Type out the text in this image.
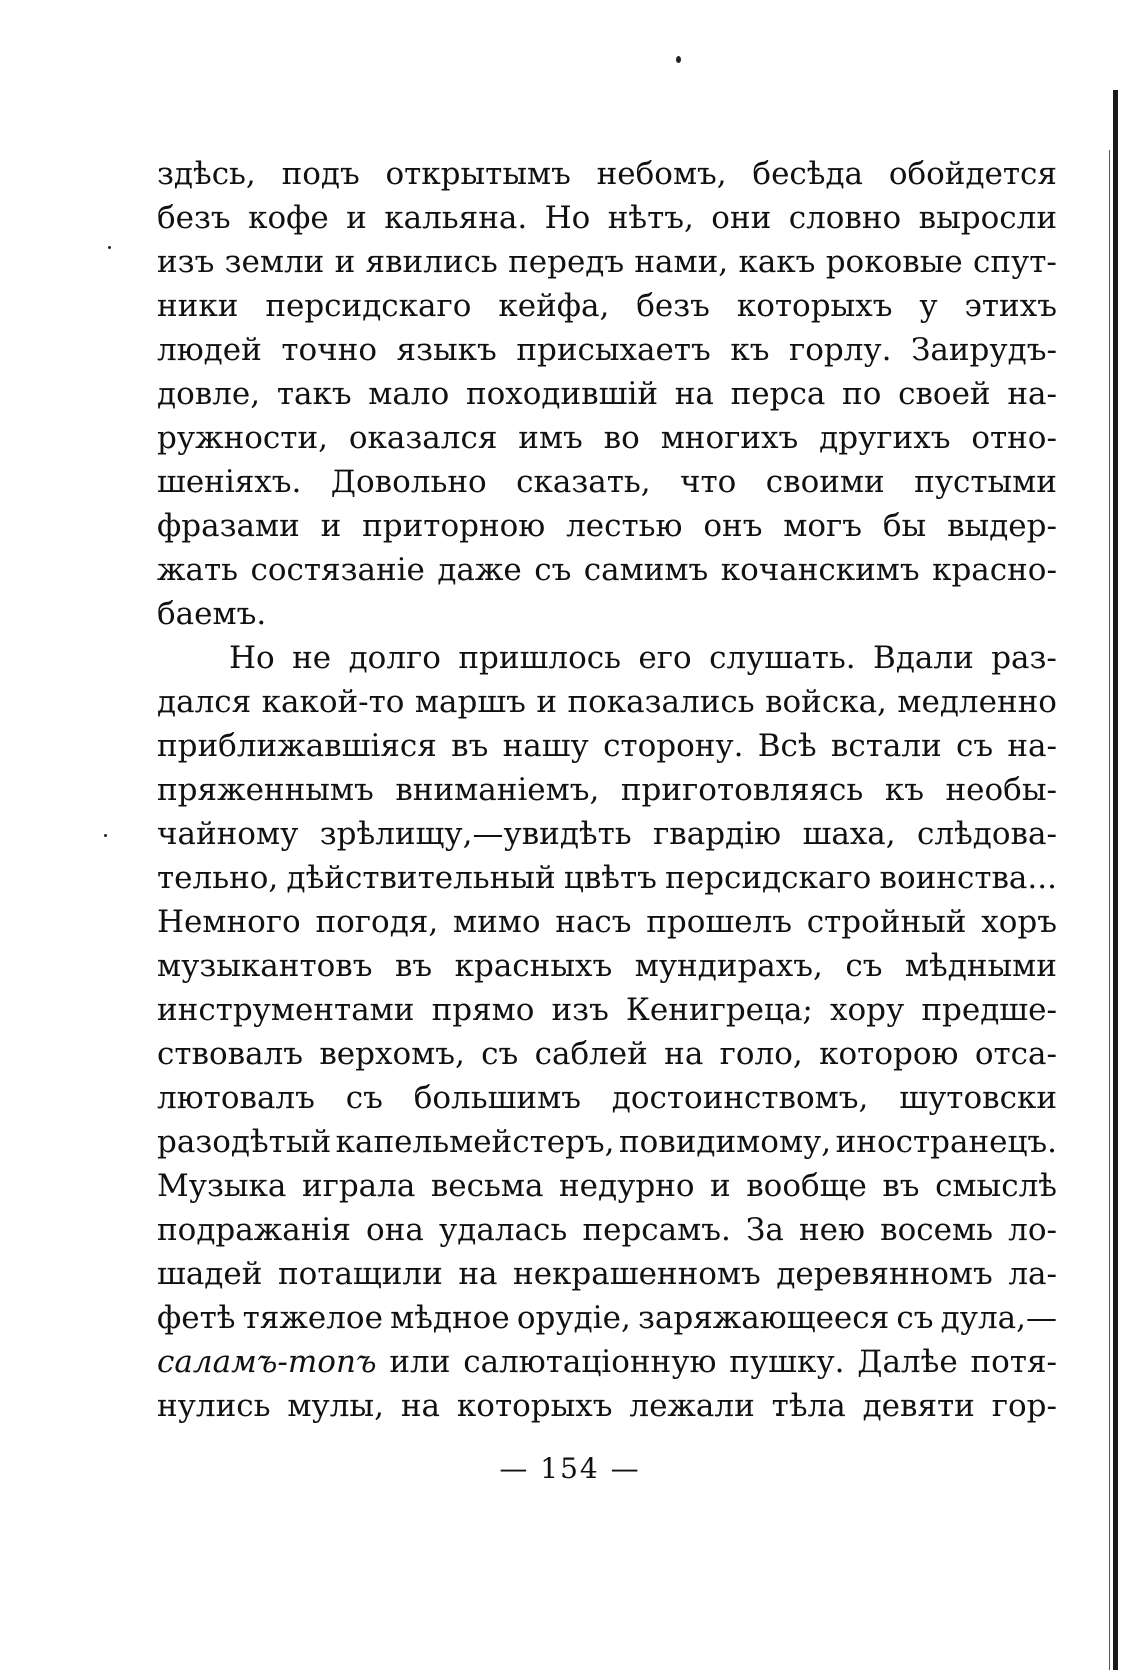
здѣсь, подъ открытымъ небомъ, бесѣда обойдется
безъ кофе и кальяна. Но нѣтъ, они словно выросли
изъ земли и явились передъ нами, какъ роковые спут-
ники персидскаго кейфа, безъ которыхъ у этихъ
людей точно языкъ присыхаетъ къ горлу. Заирудъ-
довле, такъ мало походившій на перса по своей на-
ружности, оказался имъ во многихъ другихъ отно-
шеніяхъ. Довольно сказать, что своими пустыми
фразами и приторною лестью онъ могъ бы выдер-
жать состязаніе даже съ самимъ кочанскимъ красно-
баемъ.
Но не долго пришлось его слушать. Вдали раз-
дался какой-то маршъ и показались войска, медленно
приближавшіяся въ нашу сторону. Всѣ встали съ на-
пряженнымъ вниманіемъ, приготовляясь къ необы-
чайному зрѣлищу,—увидѣть гвардію шаха, слѣдова-
тельно, дѣйствительный цвѣтъ персидскаго воинства...
Немного погодя, мимо насъ прошелъ стройный хоръ
музыкантовъ въ красныхъ мундирахъ, съ мѣдными
инструментами прямо изъ Кенигреца; хору предше-
ствовалъ верхомъ, съ саблей на голо, которою отса-
лютовалъ съ большимъ достоинствомъ, шутовски
разодѣтый капельмейстеръ, повидимому, иностранецъ.
Музыка играла весьма недурно и вообще въ смыслѣ
подражанія она удалась персамъ. За нею восемь ло-
шадей потащили на некрашенномъ деревянномъ ла-
фетѣ тяжелое мѣдное орудіе, заряжающееся съ дула,—
саламъ-топъ или салютаціонную пушку. Далѣе потя-
нулись мулы, на которыхъ лежали тѣла девяти гор-
— 154 —
